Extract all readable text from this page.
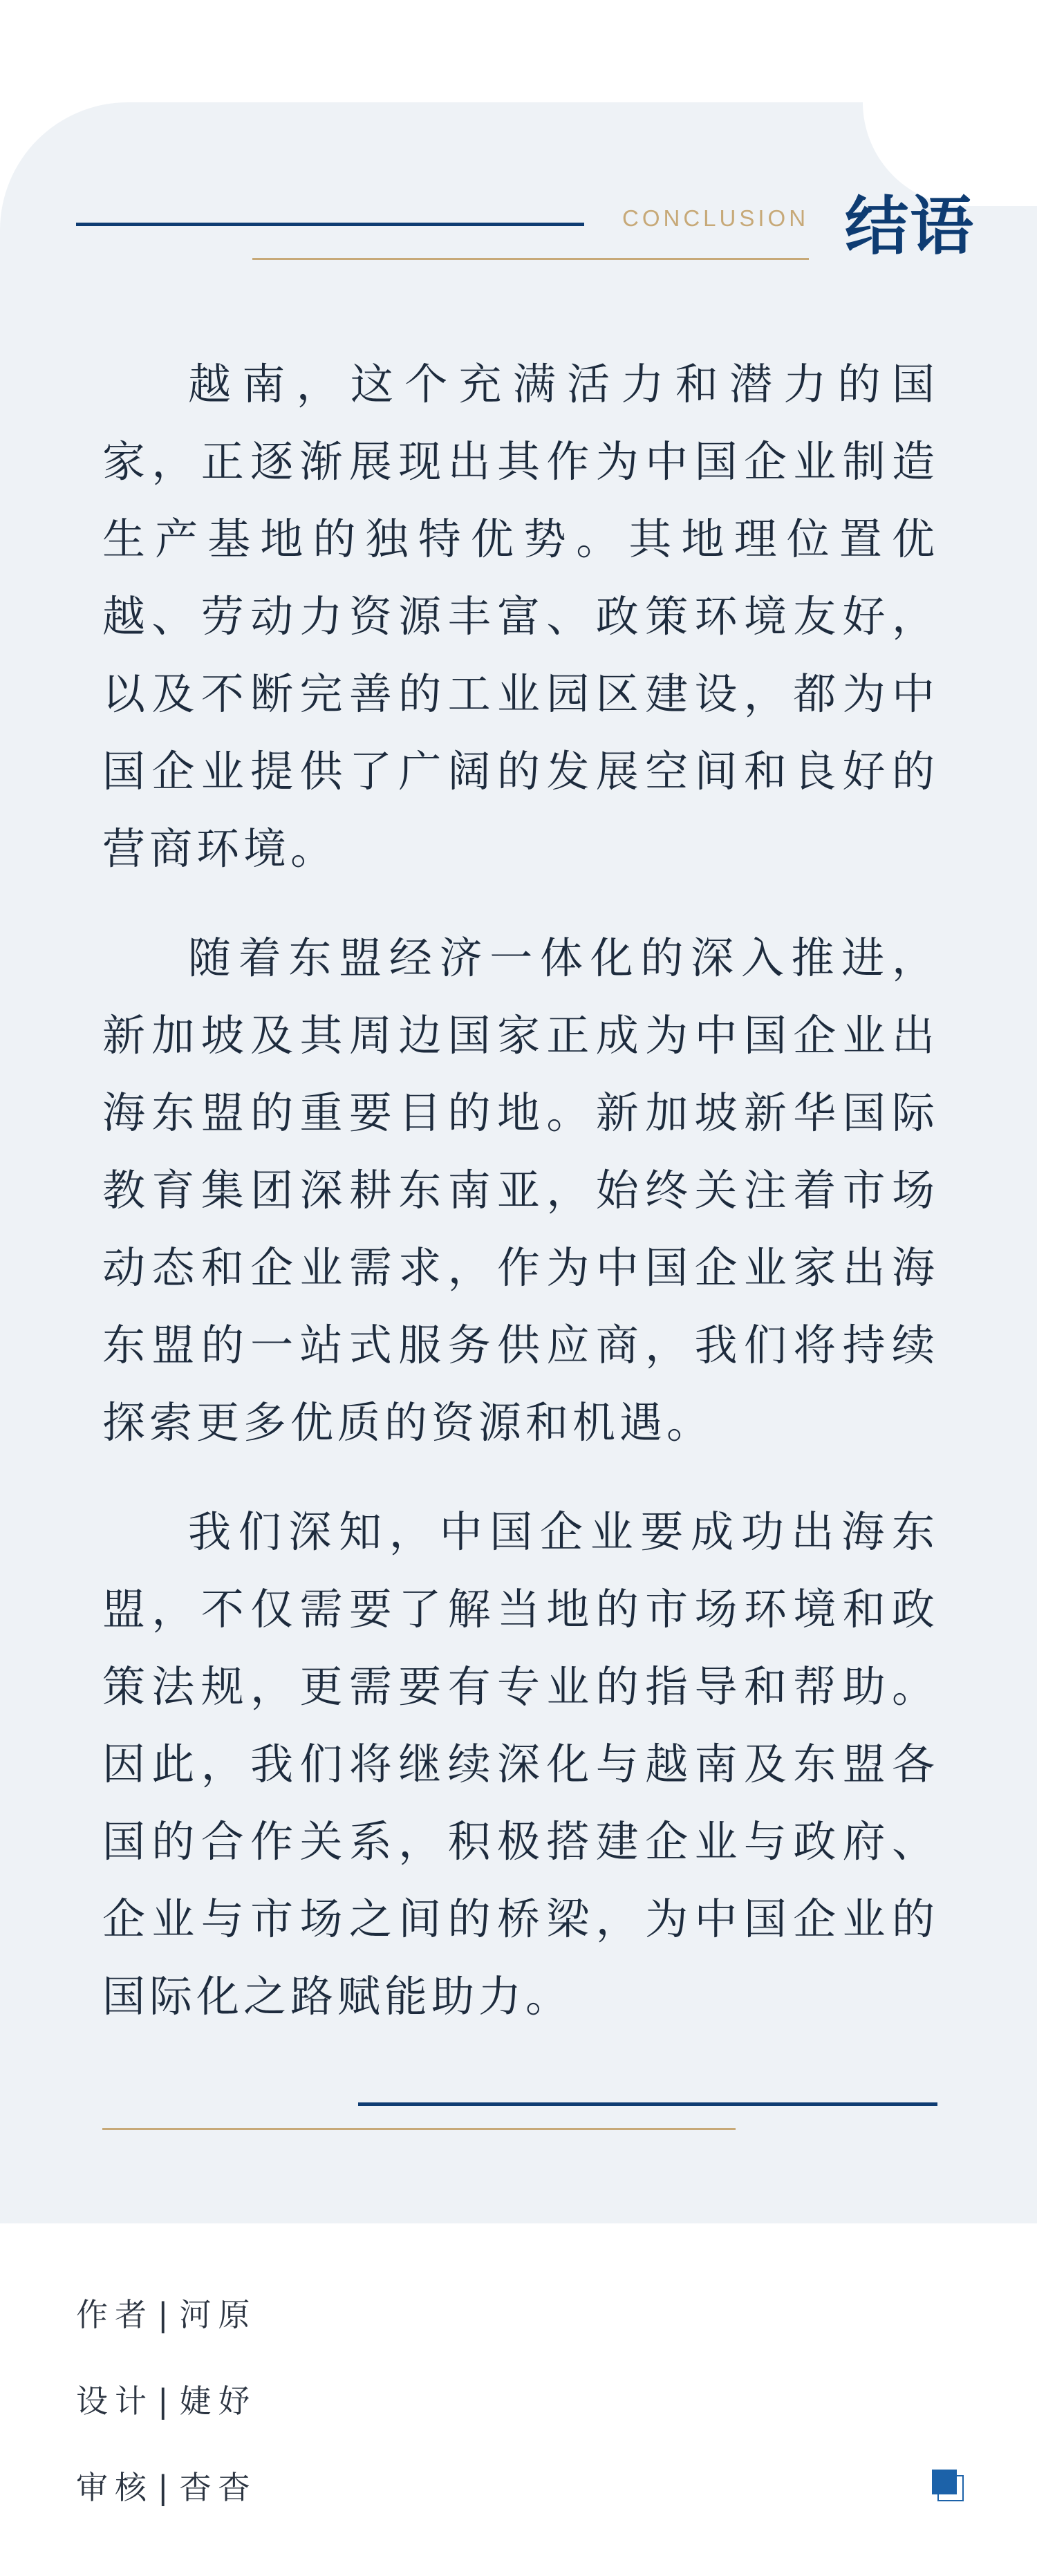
CONCLUSION 结语

越南，这个充满活力和潜力的国家，正逐渐展现出其作为中国企业制造生产基地的独特优势。其地理位置优越、劳动力资源丰富、政策环境友好，以及不断完善的工业园区建设，都为中国企业提供了广阔的发展空间和良好的营商环境。

随着东盟经济一体化的深入推进，新加坡及其周边国家正成为中国企业出海东盟的重要目的地。新加坡新华国际教育集团深耕东南亚，始终关注着市场动态和企业需求，作为中国企业家出海东盟的一站式服务供应商，我们将持续探索更多优质的资源和机遇。

我们深知，中国企业要成功出海东盟，不仅需要了解当地的市场环境和政策法规，更需要有专业的指导和帮助。因此，我们将继续深化与越南及东盟各国的合作关系，积极搭建企业与政府、企业与市场之间的桥梁，为中国企业的国际化之路赋能助力。

作者 | 河原
设计 | 婕妤
审核 | 杳杳
